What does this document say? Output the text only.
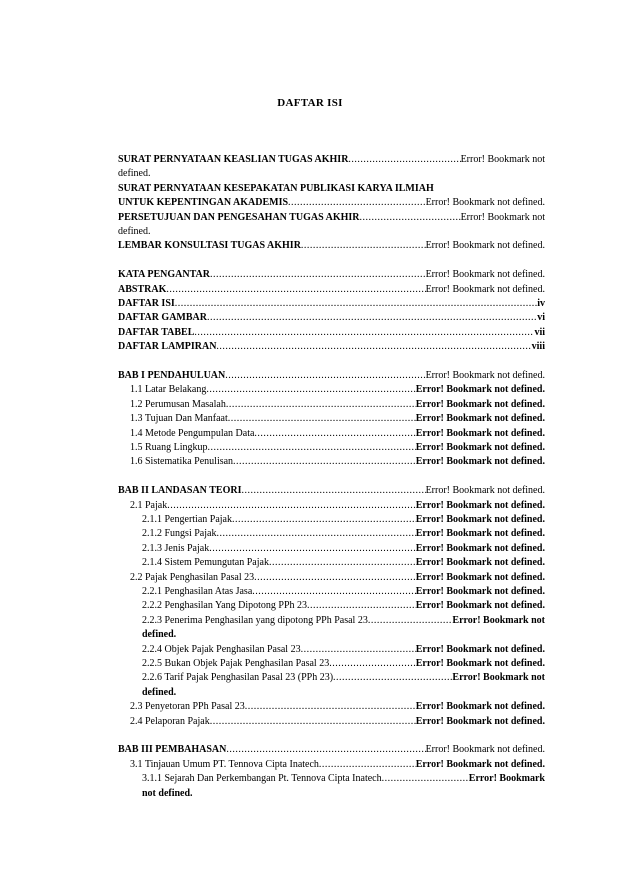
DAFTAR ISI
SURAT PERNYATAAN KEASLIAN TUGAS AKHIR .....	Error! Bookmark not
defined.
SURAT PERNYATAAN KESEPAKATAN PUBLIKASI KARYA ILMIAH
UNTUK KEPENTINGAN AKADEMIS .....	Error! Bookmark not defined.
PERSETUJUAN DAN PENGESAHAN TUGAS AKHIR .....	Error! Bookmark not
defined.
LEMBAR KONSULTASI TUGAS AKHIR .....	Error! Bookmark not defined.
KATA PENGANTAR .....	Error! Bookmark not defined.
ABSTRAK .....	Error! Bookmark not defined.
DAFTAR ISI .....	iv
DAFTAR GAMBAR .....	vi
DAFTAR TABEL .....	vii
DAFTAR LAMPIRAN .....	viii
BAB I PENDAHULUAN .....	Error! Bookmark not defined.
1.1 Latar Belakang .....	Error! Bookmark not defined.
1.2 Perumusan Masalah .....	Error! Bookmark not defined.
1.3 Tujuan Dan Manfaat .....	Error! Bookmark not defined.
1.4 Metode Pengumpulan Data .....	Error! Bookmark not defined.
1.5 Ruang Lingkup .....	Error! Bookmark not defined.
1.6 Sistematika Penulisan .....	Error! Bookmark not defined.
BAB II LANDASAN TEORI .....	Error! Bookmark not defined.
2.1 Pajak .....	Error! Bookmark not defined.
2.1.1 Pengertian Pajak .....	Error! Bookmark not defined.
2.1.2 Fungsi Pajak .....	Error! Bookmark not defined.
2.1.3 Jenis Pajak .....	Error! Bookmark not defined.
2.1.4 Sistem Pemungutan Pajak .....	Error! Bookmark not defined.
2.2 Pajak Penghasilan Pasal 23 .....	Error! Bookmark not defined.
2.2.1 Penghasilan Atas Jasa .....	Error! Bookmark not defined.
2.2.2 Penghasilan Yang Dipotong PPh 23 .....	Error! Bookmark not defined.
2.2.3 Penerima Penghasilan yang dipotong PPh Pasal 23 .....	Error! Bookmark not
defined.
2.2.4 Objek Pajak Penghasilan Pasal 23 .....	Error! Bookmark not defined.
2.2.5 Bukan Objek Pajak Penghasilan Pasal 23 .....	Error! Bookmark not defined.
2.2.6 Tarif Pajak Penghasilan Pasal 23 (PPh 23) .....	Error! Bookmark not
defined.
2.3 Penyetoran PPh Pasal 23 .....	Error! Bookmark not defined.
2.4 Pelaporan Pajak .....	Error! Bookmark not defined.
BAB III PEMBAHASAN .....	Error! Bookmark not defined.
3.1 Tinjauan Umum PT. Tennova Cipta Inatech .....	Error! Bookmark not defined.
3.1.1 Sejarah Dan Perkembangan Pt. Tennova Cipta Inatech .....	Error! Bookmark
not defined.
